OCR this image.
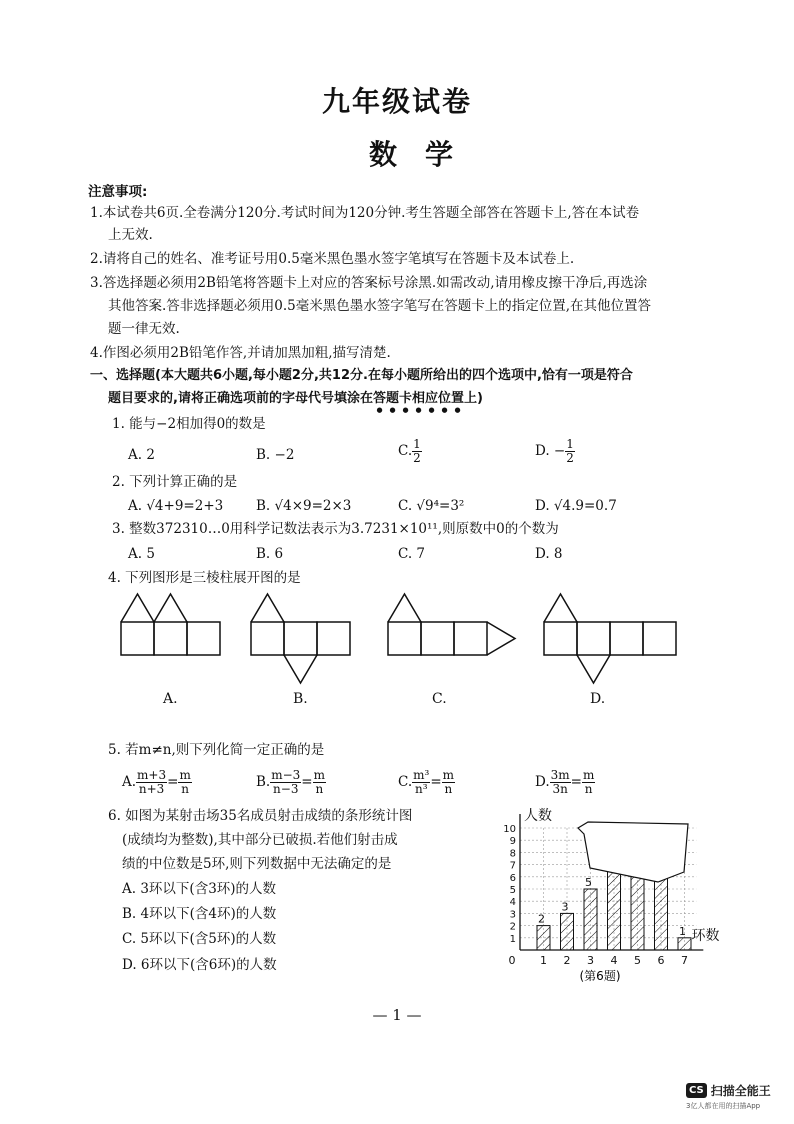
九年级试卷
数学
注意事项:
1.本试卷共6页.全卷满分120分.考试时间为120分钟.考生答题全部答在答题卡上,答在本试卷
上无效.
2.请将自己的姓名、准考证号用0.5毫米黑色墨水签字笔填写在答题卡及本试卷上.
3.答选择题必须用2B铅笔将答题卡上对应的答案标号涂黑.如需改动,请用橡皮擦干净后,再选涂
其他答案.答非选择题必须用0.5毫米黑色墨水签字笔写在答题卡上的指定位置,在其他位置答
题一律无效.
4.作图必须用2B铅笔作答,并请加黑加粗,描写清楚.
一、选择题(本大题共6小题,每小题2分,共12分.在每小题所给出的四个选项中,恰有一项是符合
题目要求的,请将正确选项前的字母代号填涂在答题卡相应位置上)
1. 能与−2相加得0的数是
A. 2	B. −2	C. $\frac{1}{2}$	D. − $\frac{1}{2}$
2. 下列计算正确的是
A. √4+9=2+3 B. √4×9=2×3	C. √9⁴=3²	D. √4.9=0.7
3. 整数372310…0用科学记数法表示为3.7231×10¹¹,则原数中0的个数为
A. 5	B. 6	C. 7	D. 8
4. 下列图形是三棱柱展开图的是
A.	B.	C.	D.
5. 若m≠n,则下列化简一定正确的是
A. $\frac{m+3}{n+3} = \frac{m}{n}$	B. $\frac{m-3}{n-3} = \frac{m}{n}$	C. $\frac{\text{m³}}{\text{n³}} = \frac{m}{n}$	D. $\frac{3m}{3n} = \frac{m}{n}$
6. 如图为某射击场35名成员射击成绩的条形统计图
(成绩均为整数),其中部分已破损.若他们射击成
绩的中位数是5环,则下列数据中无法确定的是
A. 3环以下(含3环)的人数
B. 4环以下(含4环)的人数
C. 5环以下(含5环)的人数
D. 6环以下(含6环)的人数
2
1
3
2
5
3 4 5 6
1
7
1
2
3
4
5
6
7
8
9
10
0
人数
环数
(第6题)
— 1 —
CS 扫描全能王
3亿人都在用的扫描App
